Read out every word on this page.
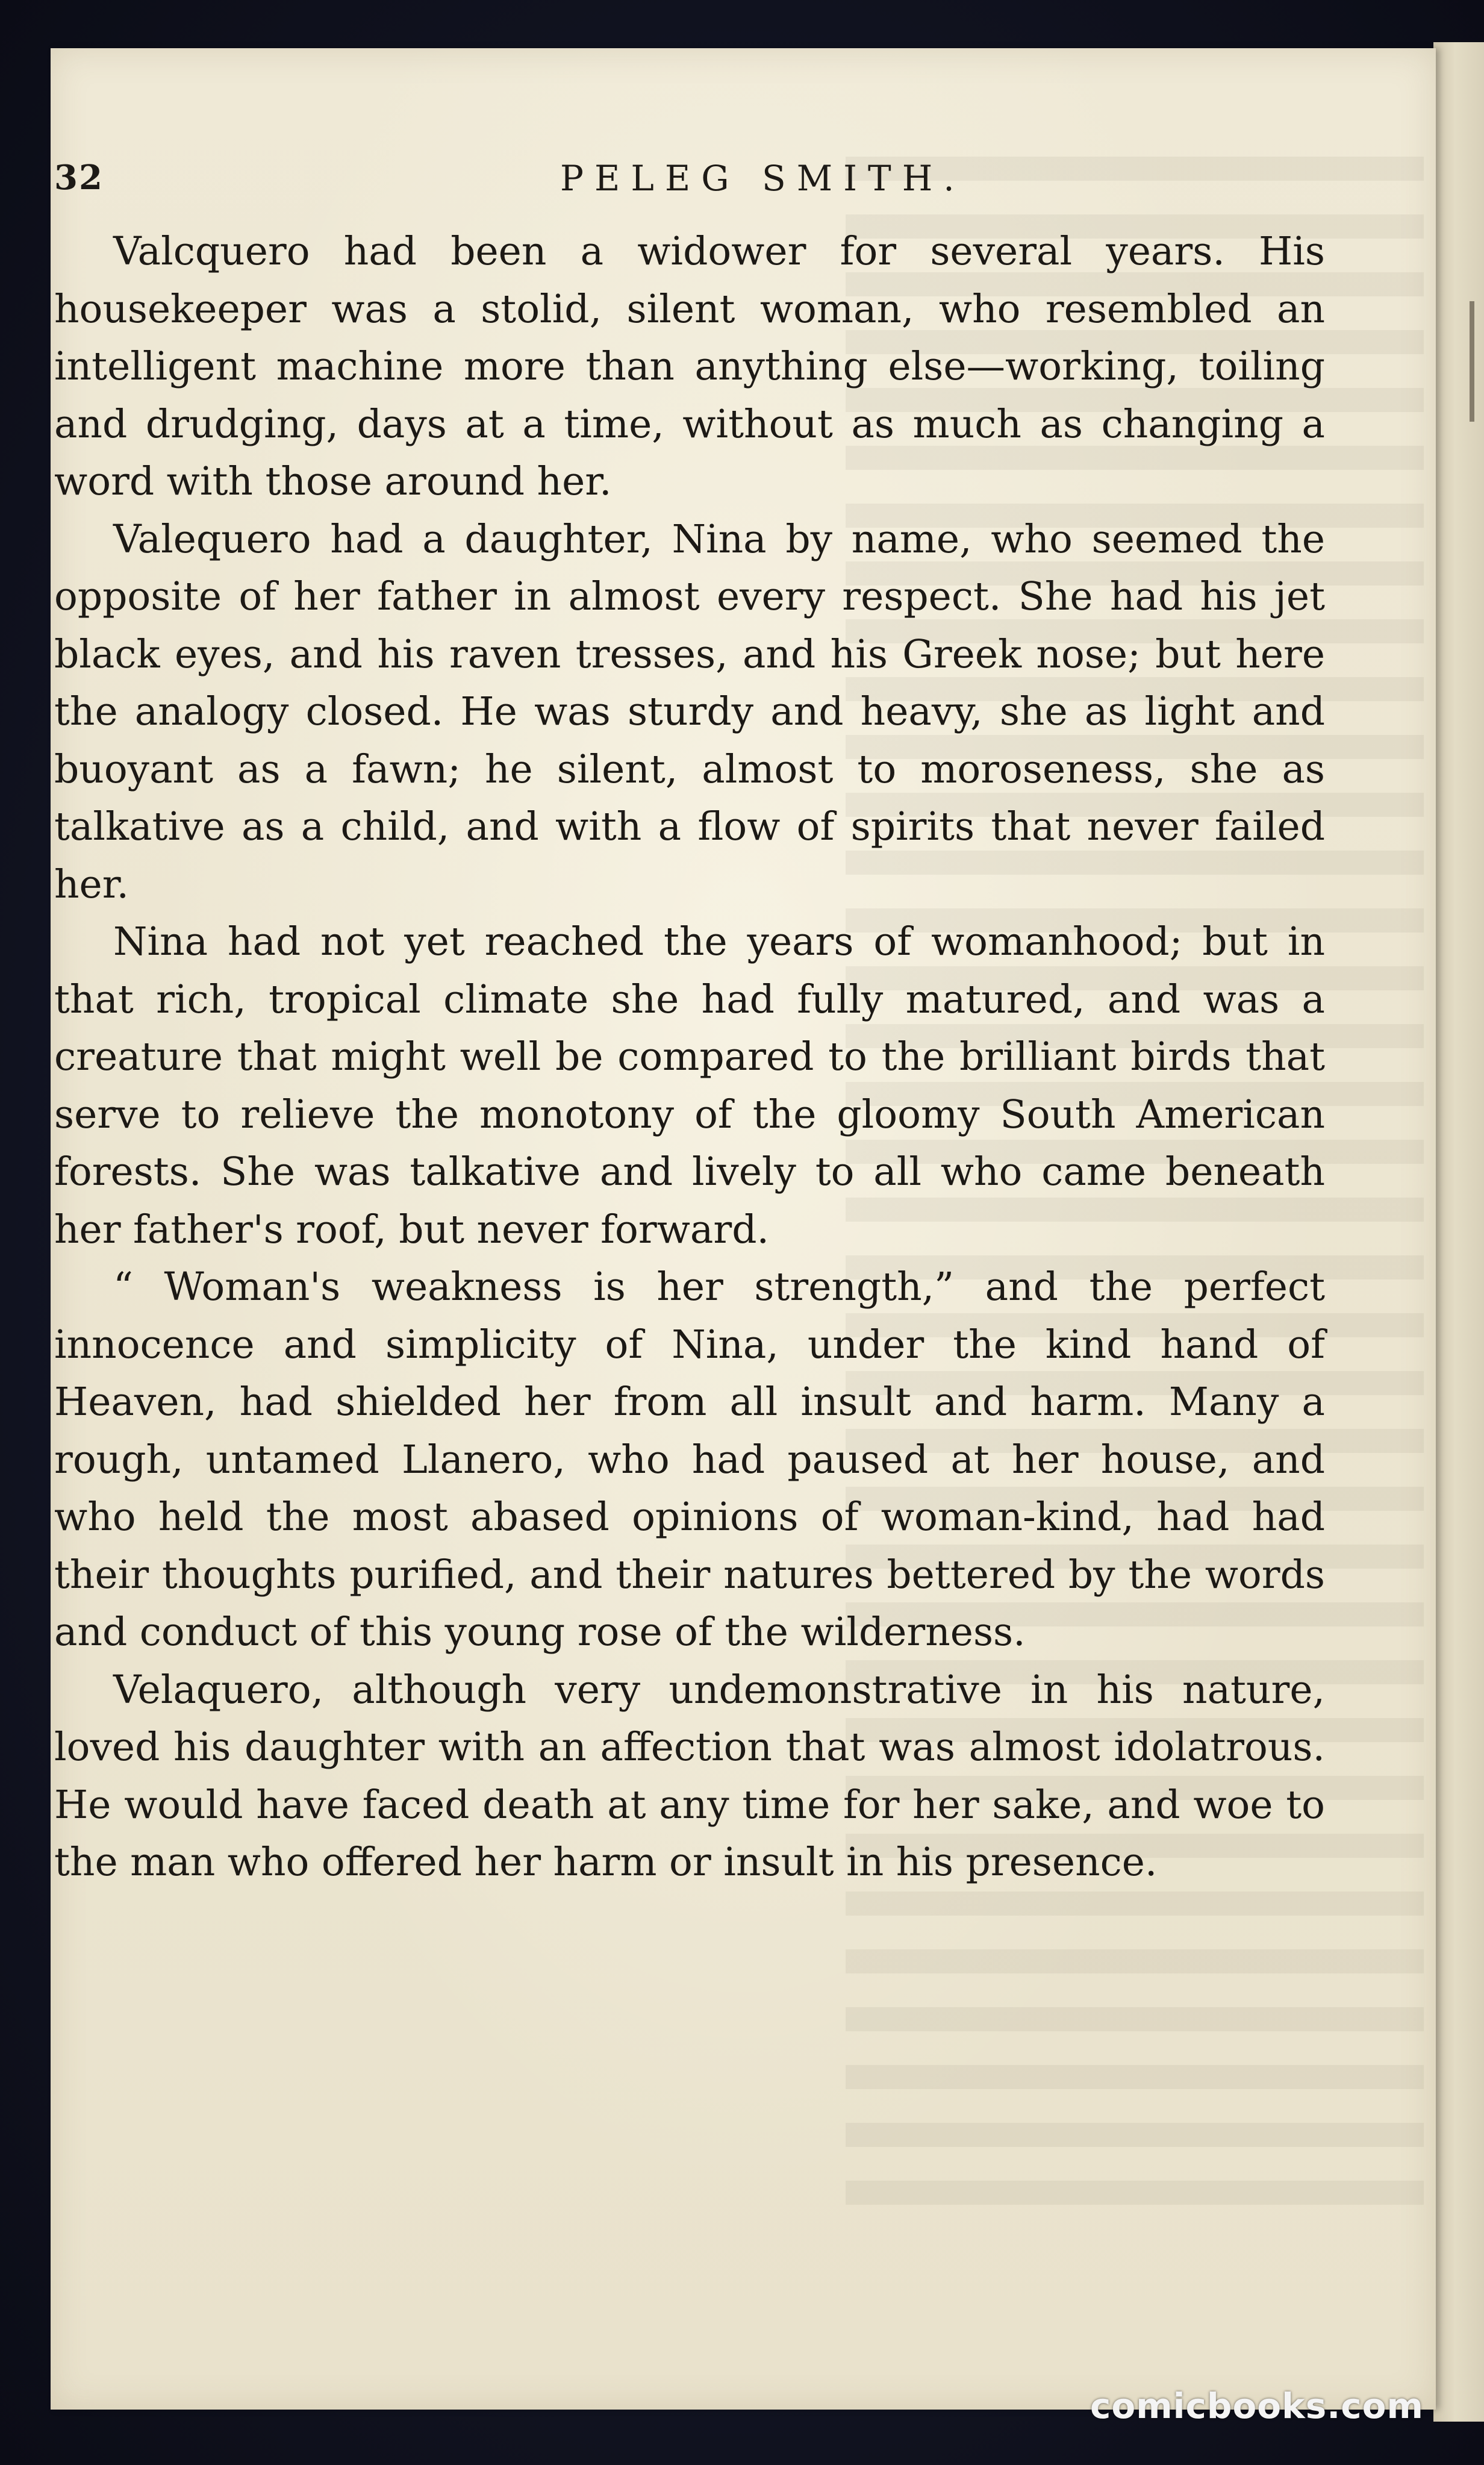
32	PELEG SMITH.

Valcquero had been a widower for several years. His housekeeper was a stolid, silent woman, who resembled an intelligent machine more than anything else—working, toiling and drudging, days at a time, without as much as changing a word with those around her.

Valequero had a daughter, Nina by name, who seemed the opposite of her father in almost every respect. She had his jet black eyes, and his raven tresses, and his Greek nose; but here the analogy closed. He was sturdy and heavy, she as light and buoyant as a fawn; he silent, almost to moroseness, she as talkative as a child, and with a flow of spirits that never failed her.

Nina had not yet reached the years of womanhood; but in that rich, tropical climate she had fully matured, and was a creature that might well be compared to the brilliant birds that serve to relieve the monotony of the gloomy South American forests. She was talkative and lively to all who came beneath her father's roof, but never forward.

“ Woman's weakness is her strength,” and the perfect innocence and simplicity of Nina, under the kind hand of Heaven, had shielded her from all insult and harm. Many a rough, untamed Llanero, who had paused at her house, and who held the most abased opinions of woman-kind, had had their thoughts purified, and their natures bettered by the words and conduct of this young rose of the wilderness.

Velaquero, although very undemonstrative in his nature, loved his daughter with an affection that was almost idolatrous. He would have faced death at any time for her sake, and woe to the man who offered her harm or insult in his presence.

comicbooks.com
